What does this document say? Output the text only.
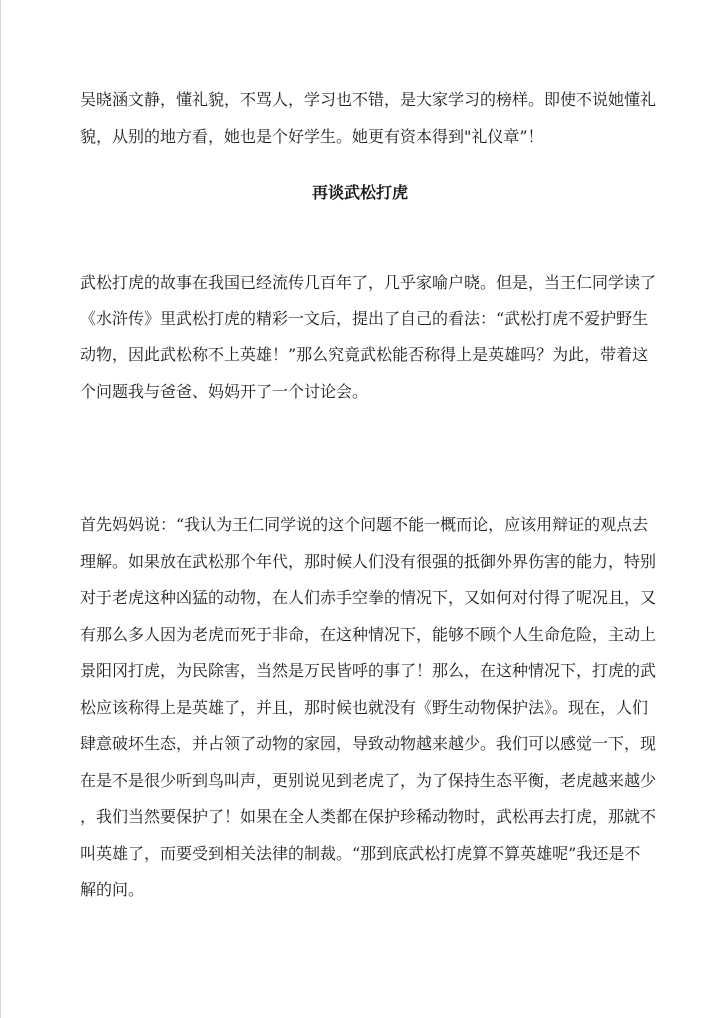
吴晓涵文静，懂礼貌，不骂人，学习也不错，是大家学习的榜样。即使不说她懂礼

貌，从别的地方看，她也是个好学生。她更有资本得到"礼仪章”！

再谈武松打虎

武松打虎的故事在我国已经流传几百年了，几乎家喻户晓。但是，当王仁同学读了

《水浒传》里武松打虎的精彩一文后，提出了自己的看法：“武松打虎不爱护野生

动物，因此武松称不上英雄！”那么究竟武松能否称得上是英雄吗？为此，带着这

个问题我与爸爸、妈妈开了一个讨论会。

首先妈妈说：“我认为王仁同学说的这个问题不能一概而论，应该用辩证的观点去

理解。如果放在武松那个年代，那时候人们没有很强的抵御外界伤害的能力，特别

对于老虎这种凶猛的动物，在人们赤手空拳的情况下，又如何对付得了呢况且，又

有那么多人因为老虎而死于非命，在这种情况下，能够不顾个人生命危险，主动上

景阳冈打虎，为民除害，当然是万民皆呼的事了！那么，在这种情况下，打虎的武

松应该称得上是英雄了，并且，那时候也就没有《野生动物保护法》。现在，人们

肆意破坏生态，并占领了动物的家园，导致动物越来越少。我们可以感觉一下，现

在是不是很少听到鸟叫声，更别说见到老虎了，为了保持生态平衡，老虎越来越少

，我们当然要保护了！如果在全人类都在保护珍稀动物时，武松再去打虎，那就不

叫英雄了，而要受到相关法律的制裁。“那到底武松打虎算不算英雄呢”我还是不

解的问。
